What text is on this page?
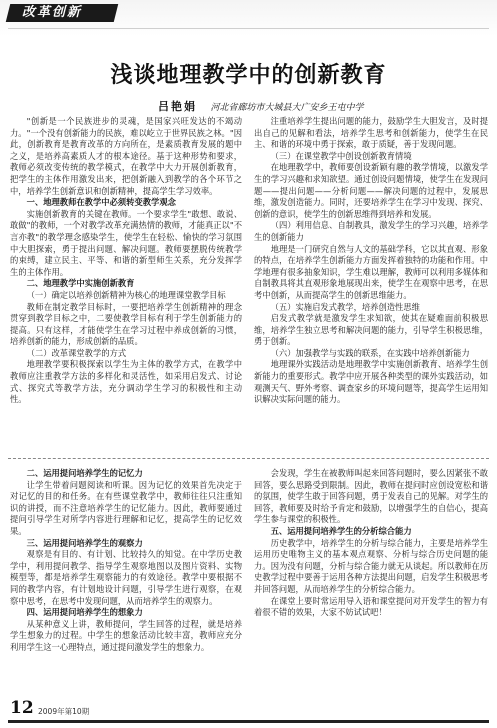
改革创新
浅谈地理教学中的创新教育
吕艳娟 河北省廊坊市大城县大广安乡王屯中学

"创新是一个民族进步的灵魂，是国家兴旺发达的不竭动力。"一个没有创新能力的民族，难以屹立于世界民族之林。"因此，创新教育是教育改革的方向所在，是素质教育发展的题中之义，是培养高素质人才的根本途径。基于这种形势和要求，教师必须改变传统的教学模式，在教学中大力开展创新教育，把学生的主体作用激发出来，把创新融入到教学的各个环节之中，培养学生创新意识和创新精神，提高学生学习效率。

一、地理教师在教学中必须转变教学观念

实施创新教育的关键在教师。一个要求学生"敢想、敢说、敢做"的教师，一个对教学改革充满热情的教师，才能真正以"不言亦教"的教学理念感染学生，使学生在轻松、愉快的学习氛围中大胆探索，勇于提出问题、解决问题。教师要摆脱传统教学的束缚，建立民主、平等、和谐的新型师生关系，充分发挥学生的主体作用。

二、地理教学中实施创新教育

（一）确定以培养创新精神为核心的地理课堂教学目标

教师在制定教学目标时，一要把培养学生创新精神的理念贯穿到教学目标之中，二要使教学目标有利于学生创新能力的提高。只有这样，才能使学生在学习过程中养成创新的习惯，培养创新的能力，形成创新的品质。

（二）改革课堂教学的方式

地理教学要积极探索以学生为主体的教学方式，在教学中教师应注重教学方法的多样化和灵活性，如采用启发式、讨论式、探究式等教学方法，充分调动学生学习的积极性和主动性。

注重培养学生提出问题的能力，鼓励学生大胆发言，及时提出自己的见解和看法，培养学生思考和创新能力，使学生在民主、和谐的环境中勇于探索，敢于质疑，善于发现问题。

（三）在课堂教学中创设创新教育情境

在地理教学中，教师要创设新颖有趣的教学情境，以激发学生的学习兴趣和求知欲望。通过创设问题情境，使学生在发现问题——提出问题——分析问题——解决问题的过程中，发展思维，激发创造能力。同时，还要培养学生在学习中发现、探究、创新的意识，使学生的创新思维得到培养和发展。

（四）利用信息、自制教具，激发学生的学习兴趣，培养学生的创新能力

地理是一门研究自然与人文的基础学科，它以其直观、形象的特点，在培养学生创新能力方面发挥着独特的功能和作用。中学地理有很多抽象知识，学生难以理解，教师可以利用多媒体和自制教具将其直观形象地展现出来，使学生在观察中思考，在思考中创新，从而提高学生的创新思维能力。

（五）实施启发式教学，培养创造性思维

启发式教学就是激发学生求知欲，使其在疑难面前积极思维，培养学生独立思考和解决问题的能力，引导学生积极思维，勇于创新。

（六）加强教学与实践的联系，在实践中培养创新能力

地理课外实践活动是地理教学中实施创新教育、培养学生创新能力的重要形式。教学中应开展各种类型的课外实践活动，如观测天气、野外考察、调查家乡的环境问题等，提高学生运用知识解决实际问题的能力。

二、运用提问培养学生的记忆力

让学生带着问题阅读和听课。因为记忆的效果首先决定于对记忆的目的和任务。在有些课堂教学中，教师往往只注重知识的讲授，而不注意培养学生的记忆能力。因此，教师要通过提问引导学生对所学内容进行理解和记忆，提高学生的记忆效果。

三、运用提问培养学生的观察力

观察是有目的、有计划、比较持久的知觉。在中学历史教学中，利用提问教学、指导学生观察地图以及图片资料、实物模型等，都是培养学生观察能力的有效途径。教学中要根据不同的教学内容，有计划地设计问题，引导学生进行观察，在观察中思考，在思考中发现问题，从而培养学生的观察力。

四、运用提问培养学生的想象力

从某种意义上讲，教师提问，学生回答的过程，就是培养学生想象力的过程。中学生的想象活动比较丰富，教师应充分利用学生这一心理特点，通过提问激发学生的想象力。

会发现，学生在被教师叫起来回答问题时，要么因紧张不敢回答，要么思路受到限制。因此，教师在提问时应创设宽松和谐的氛围，使学生敢于回答问题，勇于发表自己的见解。对学生的回答，教师要及时给予肯定和鼓励，以增强学生的自信心，提高学生参与课堂的积极性。

五、运用提问培养学生的分析综合能力

历史教学中，培养学生的分析与综合能力，主要是培养学生运用历史唯物主义的基本观点观察、分析与综合历史问题的能力。因为没有问题，分析与综合能力就无从谈起。所以教师在历史教学过程中要善于运用各种方法提出问题，启发学生积极思考并回答问题，从而培养学生的分析综合能力。

在课堂上要时常运用导入语和课堂提问对开发学生的智力有着很不错的效果，大家不妨试试吧！

12 2009年第10期
